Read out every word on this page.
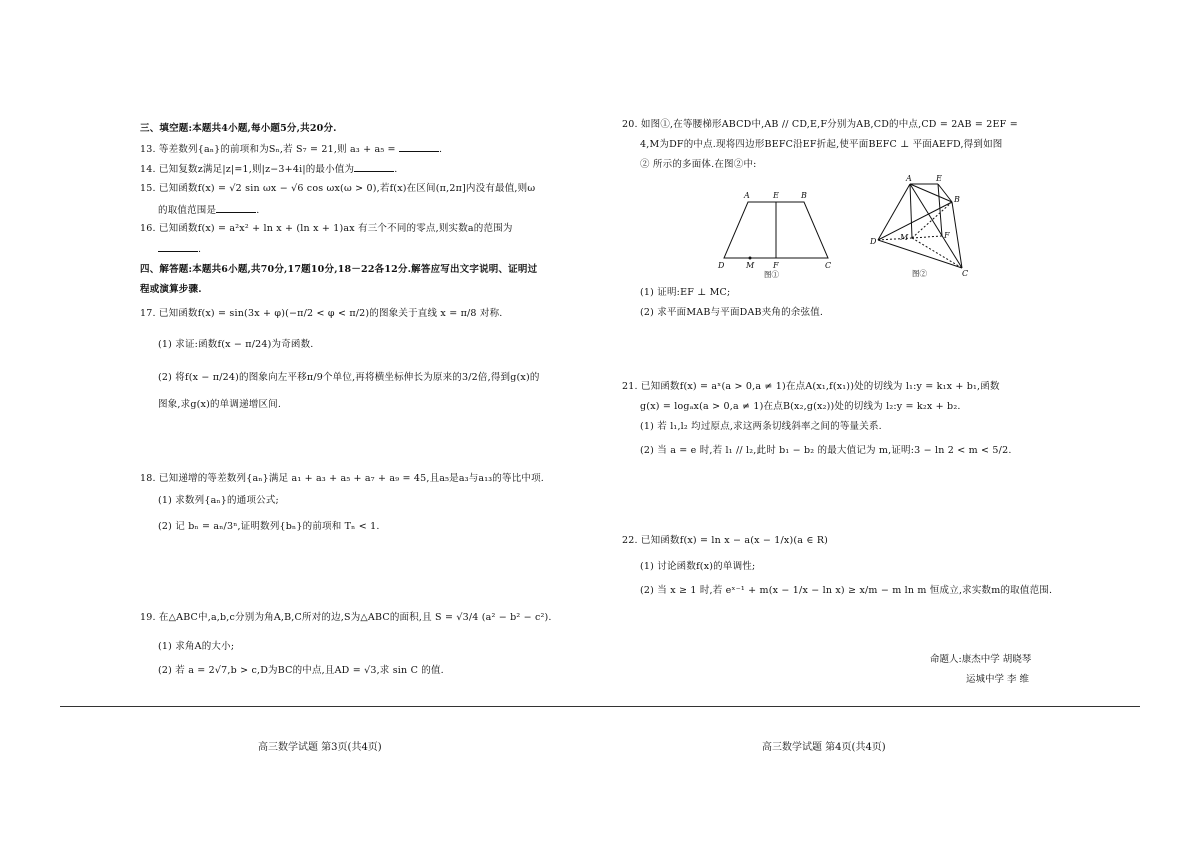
三、填空题:本题共4小题,每小题5分,共20分.
13. 等差数列{aₙ}的前项和为Sₙ,若 S₇ = 21,则 a₃ + a₅ =	.
14. 已知复数z满足|z|=1,则|z−3+4i|的最小值为	.
15. 已知函数f(x) = √2 sin ωx − √6 cos ωx(ω > 0),若f(x)在区间(π,2π]内没有最值,则ω
的取值范围是	.
16. 已知函数f(x) = a²x² + ln x + (ln x + 1)ax 有三个不同的零点,则实数a的范围为
.
四、解答题:本题共6小题,共70分,17题10分,18－22各12分.解答应写出文字说明、证明过
程或演算步骤.
17. 已知函数f(x) = sin(3x + φ)(−π/2 < φ < π/2)的图象关于直线 x = π/8 对称.
(1) 求证:函数f(x − π/24)为奇函数.
(2) 将f(x − π/24)的图象向左平移π/9个单位,再将横坐标伸长为原来的3/2倍,得到g(x)的
图象,求g(x)的单调递增区间.
18. 已知递增的等差数列{aₙ}满足 a₁ + a₃ + a₅ + a₇ + a₉ = 45,且a₅是a₃与a₁₃的等比中项.
(1) 求数列{aₙ}的通项公式;
(2) 记 bₙ = aₙ/3ⁿ,证明数列{bₙ}的前项和 Tₙ < 1.
19. 在△ABC中,a,b,c分别为角A,B,C所对的边,S为△ABC的面积,且 S = √3/4 (a² − b² − c²).
(1) 求角A的大小;
(2) 若 a = 2√7,b > c,D为BC的中点,且AD = √3,求 sin C 的值.
20. 如图①,在等腰梯形ABCD中,AB // CD,E,F分别为AB,CD的中点,CD = 2AB = 2EF =
4,M为DF的中点.现将四边形BEFC沿EF折起,使平面BEFC ⊥ 平面AEFD,得到如图
② 所示的多面体.在图②中:
(1) 证明:EF ⊥ MC;
(2) 求平面MAB与平面DAB夹角的余弦值.
21. 已知函数f(x) = aˣ(a > 0,a ≠ 1)在点A(x₁,f(x₁))处的切线为 l₁:y = k₁x + b₁,函数
g(x) = logₐx(a > 0,a ≠ 1)在点B(x₂,g(x₂))处的切线为 l₂:y = k₂x + b₂.
(1) 若 l₁,l₂ 均过原点,求这两条切线斜率之间的等量关系.
(2) 当 a = e 时,若 l₁ // l₂,此时 b₁ − b₂ 的最大值记为 m,证明:3 − ln 2 < m < 5/2.
22. 已知函数f(x) = ln x − a(x − 1/x)(a ∈ R)
(1) 讨论函数f(x)的单调性;
(2) 当 x ≥ 1 时,若 eˣ⁻¹ + m(x − 1/x − ln x) ≥ x/m − m ln m 恒成立,求实数m的取值范围.
A	E	B
D	M F	C
图①
A	E
B
D	M	F
C
图②
命题人:康杰中学 胡晓琴
运城中学 李 维
高三数学试题 第3页(共4页)	高三数学试题 第4页(共4页)
